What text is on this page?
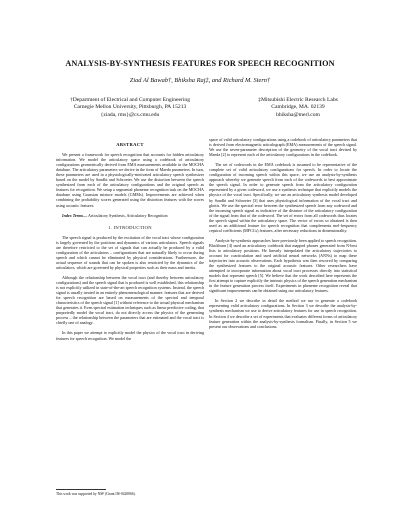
ANALYSIS-BY-SYNTHESIS FEATURES FOR SPEECH RECOGNITION
Ziad Al Bawab†, Bhiksha Raj‡, and Richard M. Stern†
†Department of Electrical and Computer Engineering
Carnegie Mellon University, Pittsburgh, PA 15213
{ziada, rms}@cs.cmu.edu
‡Mitsubishi Electric Research Labs
Cambridge, MA. 02139
bhiksha@merl.com
ABSTRACT

We present a framework for speech recognition that accounts for hidden articulatory information. We model the articulatory space using a codebook of articulatory configurations geometrically derived from EMA measurements available in the MOCHA database. The articulatory parameters we derive in the form of Maeda parameters. In turn, these parameters are used in a physiologically-motivated articulatory speech synthesizer based on the model by Sondhi and Schroeter. We use the distortion between the speech synthesized from each of the articulatory configurations and the original speech as features for recognition. We setup a segmental phoneme recognition task on the MOCHA database using Gaussian mixture models (GMMs). Improvements are achieved when combining the probability scores generated using the distortion features with the scores using acoustic features.

Index Terms— Articulatory Synthesis, Articulatory Recognition

1. INTRODUCTION

The speech signal is produced by the excitation of the vocal tract whose configuration is largely governed by the positions and dynamics of various articulators. Speech signals are therefore restricted to the set of signals that can actually be produced by a valid configuration of the articulators – configurations that are naturally likely to occur during speech and which cannot be eliminated by physical considerations. Furthermore, the actual sequence of sounds that can be spoken is also restricted by the dynamics of the articulators, which are governed by physical properties such as their mass and inertia.

Although the relationship between the vocal tract (and thereby between articulatory configurations) and the speech signal that is produced is well established, this relationship is not explicitly utilized in state-of-the-art speech recognition systems. Instead, the speech signal is usually treated in an entirely phenomenological manner: features that are derived for speech recognition are based on measurements of the spectral and temporal characteristics of the speech signal [1] without reference to the actual physical mechanism that generates it. Even spectral estimation techniques such as linear predictive coding, that purportedly model the vocal tract, do not directly access the physics of the generating process – the relationship between the parameters that are estimated and the vocal tract is chiefly one of analogy.

In this paper we attempt to explicitly model the physics of the vocal tract in deriving features for speech recognition. We model the

space of valid articulatory configurations using a codebook of articulatory parameters that is derived from electromagnetic articulograph (EMA) measurements of the speech signal. We use the seven-parameter description of the geometry of the vocal tract devised by Maeda [2] to represent each of the articulatory configurations in the codebook.

The set of codewords in the EMA codebook is assumed to be representative of the complete set of valid articulatory configurations for speech. In order to locate the configuration of incoming speech within this space, we use an analysis-by-synthesis approach whereby we generate speech from each of the codewords to best approximate the speech signal. In order to generate speech from the articulatory configuration represented by a given codeword, we use a synthesis technique that explicitly models the physics of the vocal tract. Specifically, we use an articulatory synthesis model developed by Sondhi and Schroeter [3] that uses physiological information of the vocal tract and glottis. We use the spectral error between the synthesized speech from any codeword and the incoming speech signal as indicative of the distance of the articulatory configuration of the signal from that of the codeword. The set of errors from all codewords thus locates the speech signal within the articulatory space. The vector of errors so obtained is then used as an additional feature for speech recognition that complements mel-frequency cepstral coefficients (MFCCs) features, after necessary reductions in dimensionality.

Analysis-by-synthesis approaches have previously been applied to speech recognition. Blackburn [4] used an articulatory codebook that mapped phones generated from N-best lists to articulatory positions. He linearly interpolated the articulatory trajectories to account for coarticulation and used artificial neural networks (ANNs) to map these trajectories into acoustic observations. Each hypothesis was then rescored by comparing the synthesized features to the original acoustic features. Other researchers have attempted to incorporate information about vocal tract processes directly into statistical models that represent speech [5]. We believe that the work described here represents the first attempt to capture explicitly the intrinsic physics of the speech generation mechanism in the feature generation process itself. Experiments in phoneme recognition reveal that significant improvements can be obtained using our articulatory features.

In Section 2 we describe in detail the method we use to generate a codebook representing valid articulatory configurations. In Section 3 we describe the analysis-by-synthesis mechanism we use to derive articulatory features for use in speech recognition. In Section 4 we describe a set of experiments that evaluates different forms of articulatory feature generation within the analysis-by-synthesis formalism. Finally, in Section 5 we present our observations and conclusions.

This work was supported by NSF (Grant IIS-0420866).
